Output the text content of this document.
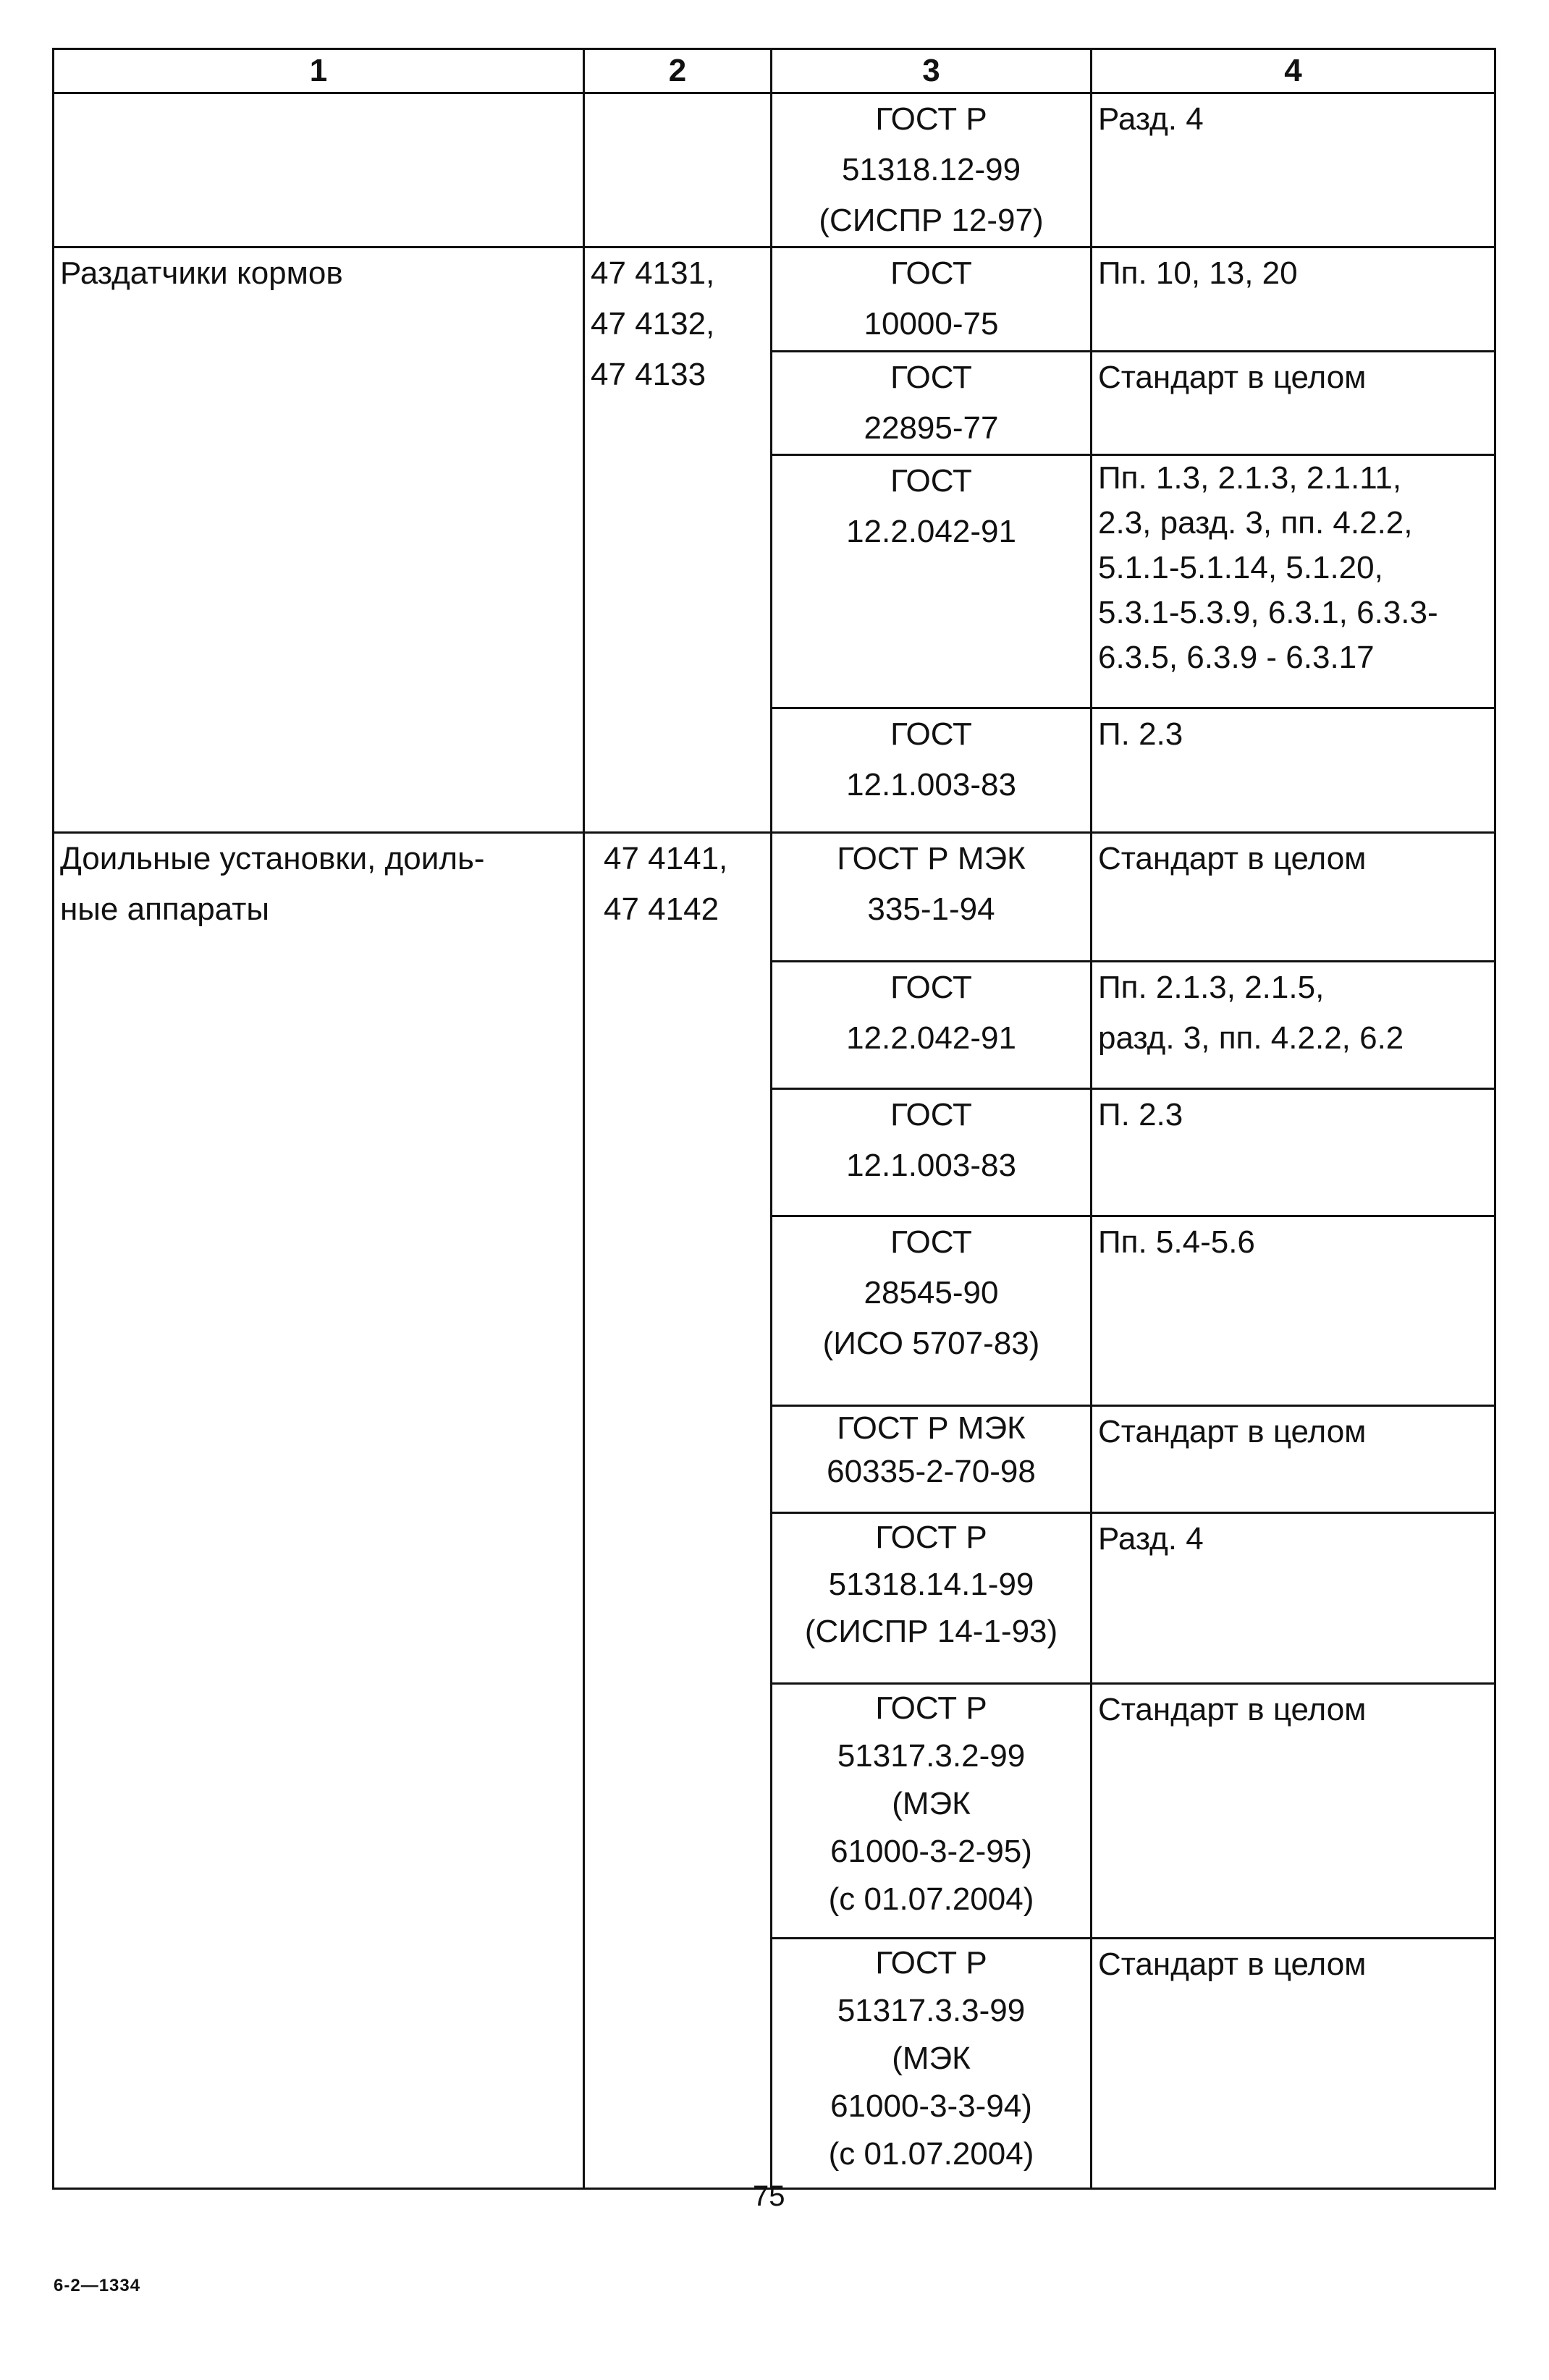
1	2	3	4

		ГОСТ Р
51318.12-99
(СИСПР 12-97)	Разд. 4

Раздатчики кормов	47 4131,
47 4132,
47 4133	ГОСТ
10000-75	Пп. 10, 13, 20

		ГОСТ
22895-77	Стандарт в целом

		ГОСТ
12.2.042-91	Пп. 1.3, 2.1.3, 2.1.11,
2.3, разд. 3, пп. 4.2.2,
5.1.1-5.1.14, 5.1.20,
5.3.1-5.3.9, 6.3.1, 6.3.3-
6.3.5, 6.3.9 - 6.3.17

		ГОСТ
12.1.003-83	П. 2.3

Доильные установки, доиль-
ные аппараты	47 4141,
47 4142	ГОСТ Р МЭК
335-1-94	Стандарт в целом

		ГОСТ
12.2.042-91	Пп. 2.1.3, 2.1.5,
разд. 3, пп. 4.2.2, 6.2

		ГОСТ
12.1.003-83	П. 2.3

		ГОСТ
28545-90
(ИСО 5707-83)	Пп. 5.4-5.6

		ГОСТ Р МЭК
60335-2-70-98	Стандарт в целом

		ГОСТ Р
51318.14.1-99
(СИСПР 14-1-93)	Разд. 4

		ГОСТ Р
51317.3.2-99
(МЭК
61000-3-2-95)
(с 01.07.2004)	Стандарт в целом

		ГОСТ Р
51317.3.3-99
(МЭК
61000-3-3-94)
(с 01.07.2004)	Стандарт в целом
75
6-2—1334
